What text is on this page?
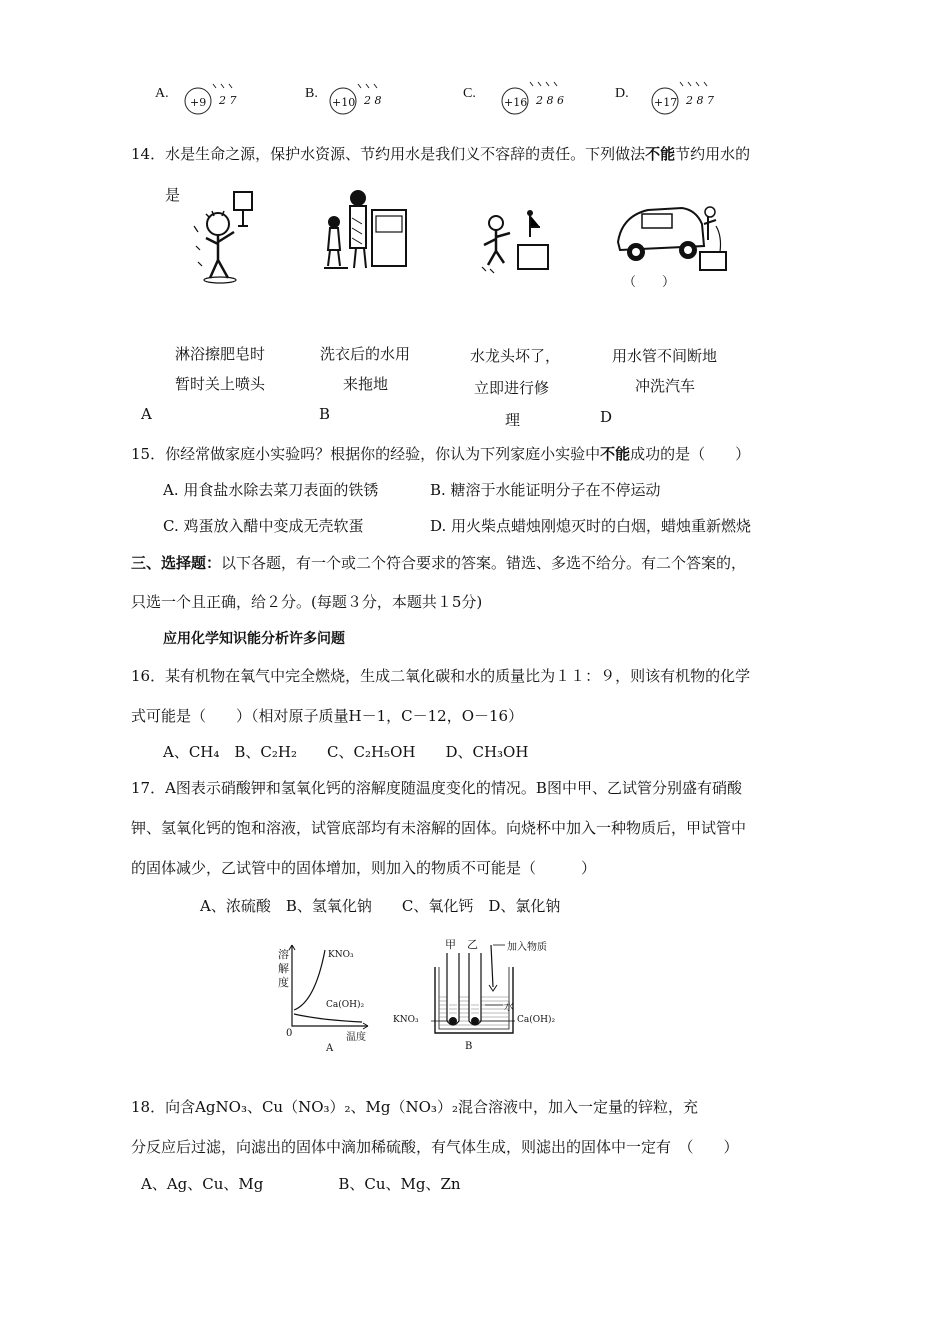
A.
+9 2 7	B.
+10 2 8	C.
+16 2 8 6	D.
+17 2 8 7
14．水是生命之源，保护水资源、节约用水是我们义不容辞的责任。下列做法不能节约用水的
是
（　　）
淋浴擦肥皂时
暂时关上喷头
A
洗衣后的水用
来拖地
B
水龙头坏了，
立即进行修
理
用水管不间断地
冲洗汽车
D
15．你经常做家庭小实验吗？根据你的经验，你认为下列家庭小实验中不能成功的是（　　）
A. 用食盐水除去菜刀表面的铁锈	B. 糖溶于水能证明分子在不停运动
C. 鸡蛋放入醋中变成无壳软蛋	D. 用火柴点蜡烛刚熄灭时的白烟，蜡烛重新燃烧
三、选择题：以下各题，有一个或二个符合要求的答案。错选、多选不给分。有二个答案的，
只选一个且正确，给２分。(每题３分，本题共１5分)
应用化学知识能分析许多问题
16．某有机物在氧气中完全燃烧，生成二氧化碳和水的质量比为１１：９，则该有机物的化学
式可能是（　　）（相对原子质量H－1，C－12，O－16）
A、CH₄　B、C₂H₂　　C、C₂H₅OH　　D、CH₃OH
17．A图表示硝酸钾和氢氧化钙的溶解度随温度变化的情况。B图中甲、乙试管分别盛有硝酸
钾、氢氧化钙的饱和溶液，试管底部均有未溶解的固体。向烧杯中加入一种物质后，甲试管中
的固体减少，乙试管中的固体增加，则加入的物质不可能是（　　　）
A、浓硫酸　B、氢氧化钠　　C、氧化钙　D、氯化钠
溶
解
度
KNO₃
Ca(OH)₂
0	温度
A
甲 乙	加入物质
水
KNO₃	Ca(OH)₂
B
18．向含AgNO₃、Cu（NO₃）₂、Mg（NO₃）₂混合溶液中，加入一定量的锌粒，充
分反应后过滤，向滤出的固体中滴加稀硫酸，有气体生成，则滤出的固体中一定有　（　　）
A、Ag、Cu、Mg　　　　　B、Cu、Mg、Zn
